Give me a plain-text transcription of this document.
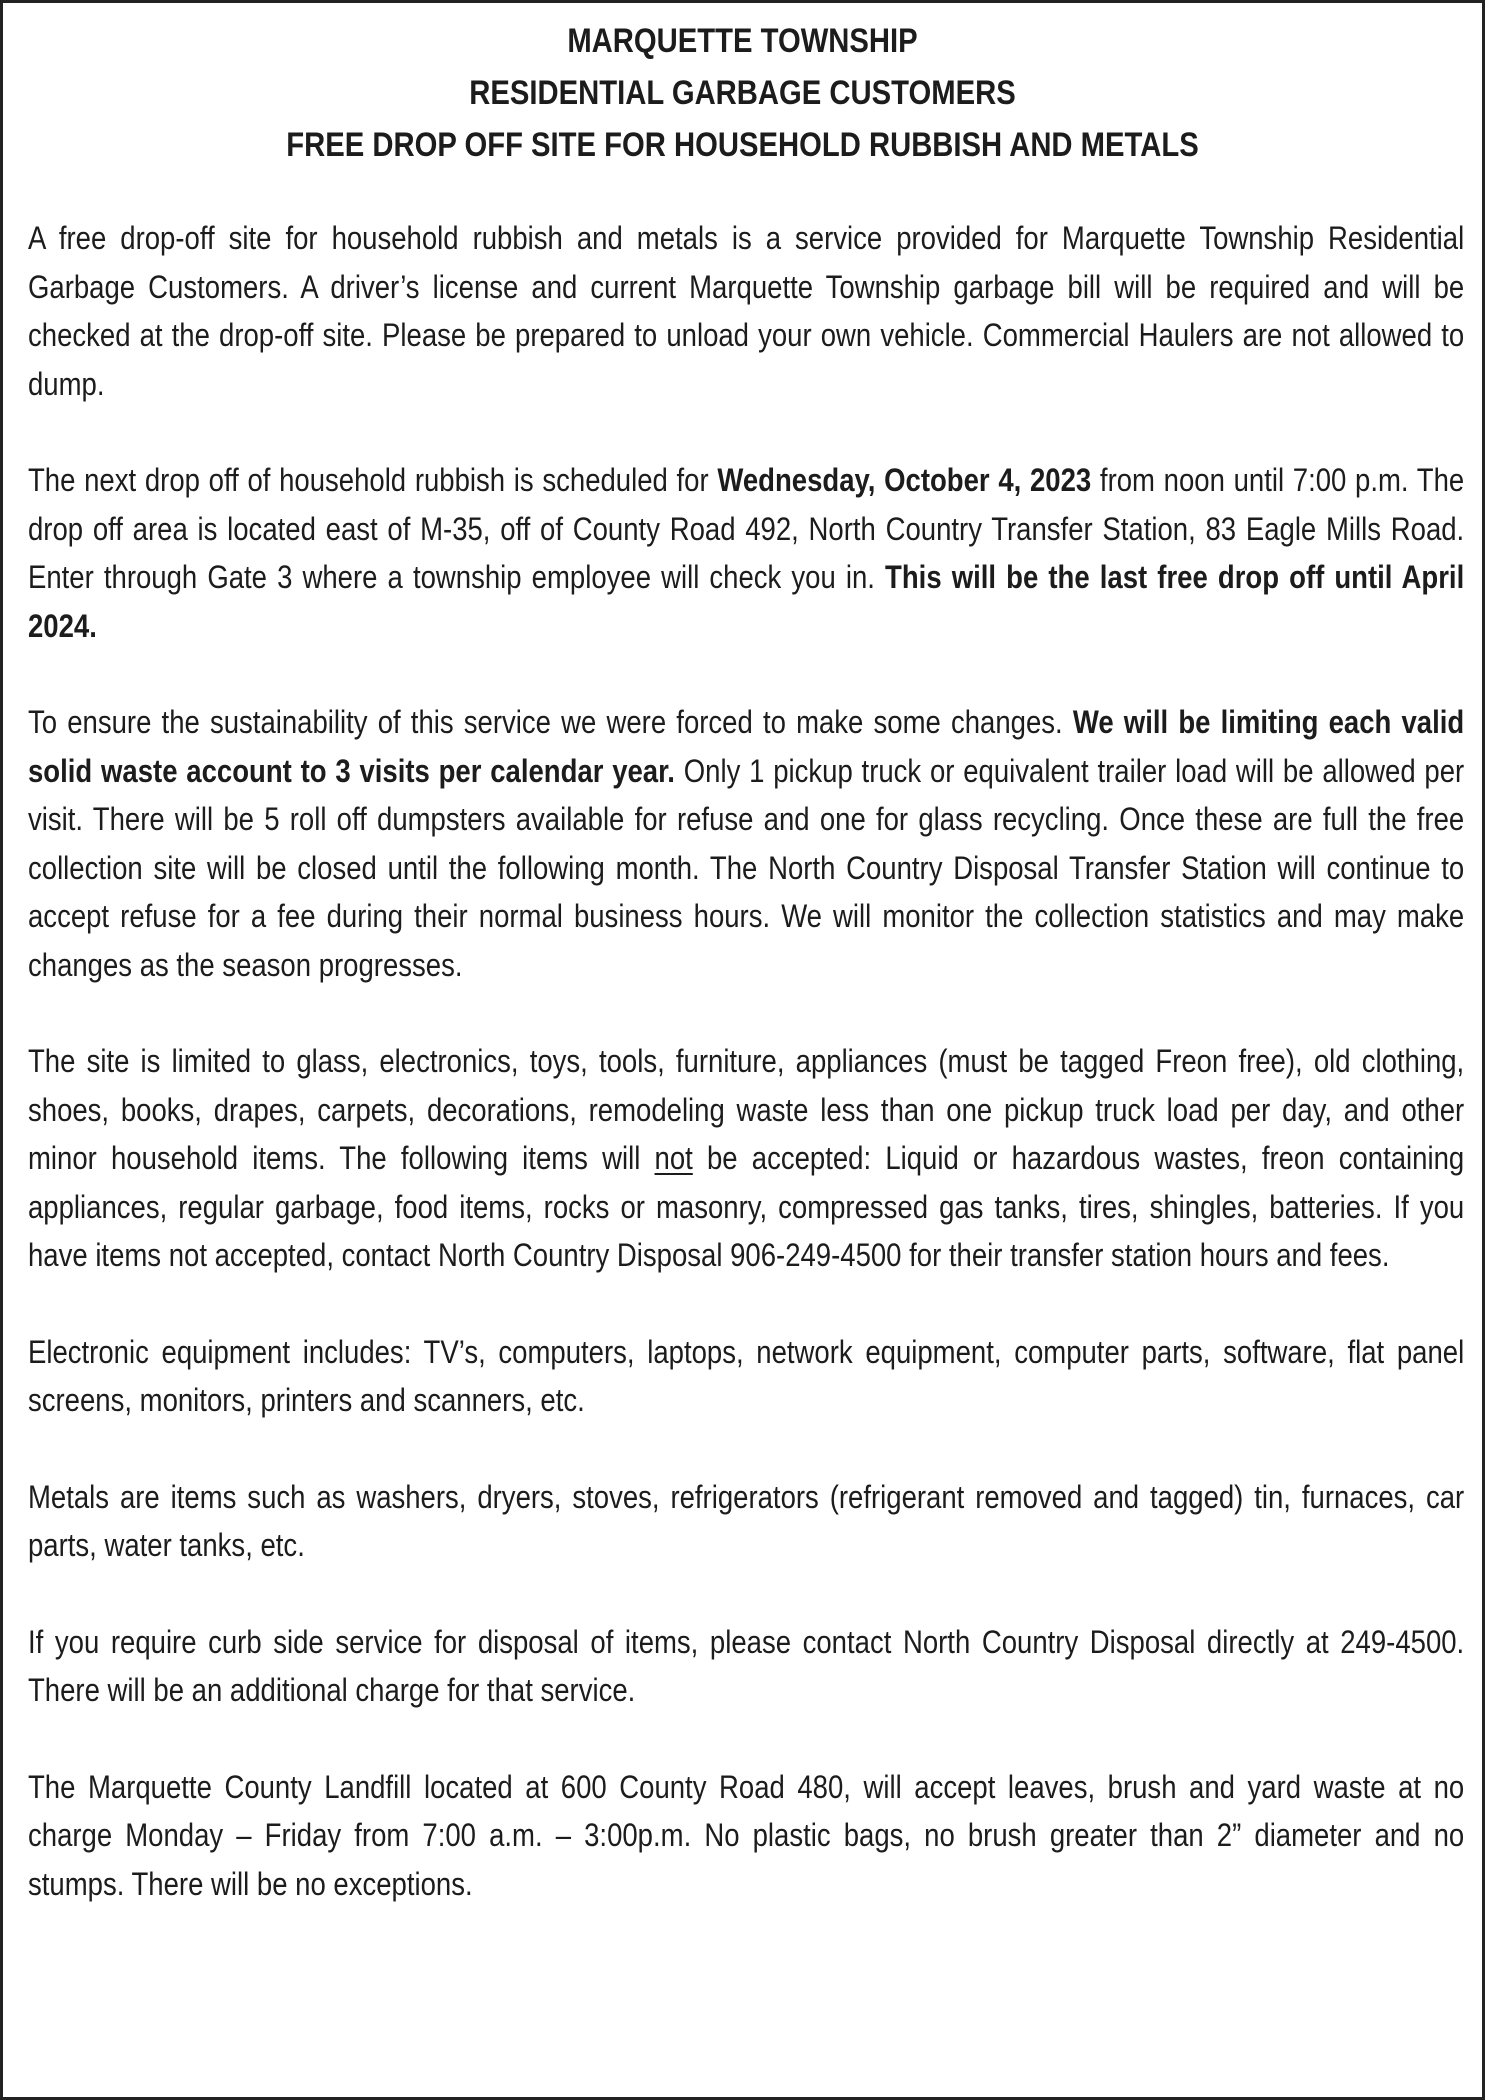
MARQUETTE TOWNSHIP
RESIDENTIAL GARBAGE CUSTOMERS
FREE DROP OFF SITE FOR HOUSEHOLD RUBBISH AND METALS

A free drop-off site for household rubbish and metals is a service provided for Marquette Township Residential Garbage Customers. A driver’s license and current Marquette Township garbage bill will be required and will be checked at the drop-off site. Please be prepared to unload your own vehicle. Commercial Haulers are not allowed to dump.

The next drop off of household rubbish is scheduled for Wednesday, October 4, 2023 from noon until 7:00 p.m. The drop off area is located east of M-35, off of County Road 492, North Country Transfer Station, 83 Eagle Mills Road. Enter through Gate 3 where a township employee will check you in. This will be the last free drop off until April 2024.

To ensure the sustainability of this service we were forced to make some changes. We will be limiting each valid solid waste account to 3 visits per calendar year. Only 1 pickup truck or equivalent trailer load will be allowed per visit. There will be 5 roll off dumpsters available for refuse and one for glass recycling. Once these are full the free collection site will be closed until the following month. The North Country Disposal Transfer Station will continue to accept refuse for a fee during their normal business hours. We will monitor the collection statistics and may make changes as the season progresses.

The site is limited to glass, electronics, toys, tools, furniture, appliances (must be tagged Freon free), old clothing, shoes, books, drapes, carpets, decorations, remodeling waste less than one pickup truck load per day, and other minor household items. The following items will not be accepted: Liquid or hazardous wastes, freon containing appliances, regular garbage, food items, rocks or masonry, compressed gas tanks, tires, shingles, batteries. If you have items not accepted, contact North Country Disposal 906-249-4500 for their transfer station hours and fees.

Electronic equipment includes: TV’s, computers, laptops, network equipment, computer parts, software, flat panel screens, monitors, printers and scanners, etc.

Metals are items such as washers, dryers, stoves, refrigerators (refrigerant removed and tagged) tin, furnaces, car parts, water tanks, etc.

If you require curb side service for disposal of items, please contact North Country Disposal directly at 249-4500. There will be an additional charge for that service.

The Marquette County Landfill located at 600 County Road 480, will accept leaves, brush and yard waste at no charge Monday – Friday from 7:00 a.m. – 3:00p.m. No plastic bags, no brush greater than 2” diameter and no stumps. There will be no exceptions.
